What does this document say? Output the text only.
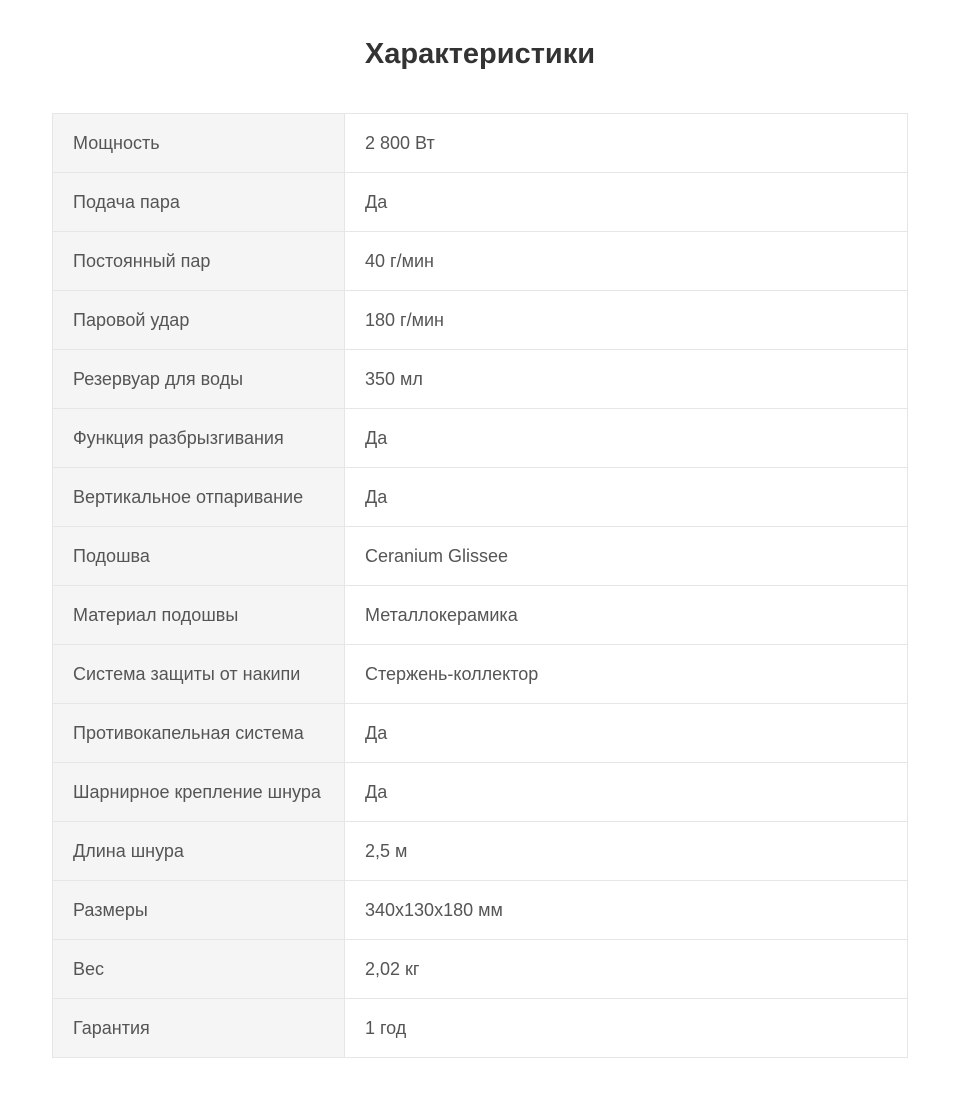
Характеристики
Мощность	2 800 Вт
Подача пара	Да
Постоянный пар	40 г/мин
Паровой удар	180 г/мин
Резервуар для воды	350 мл
Функция разбрызгивания	Да
Вертикальное отпаривание	Да
Подошва	Ceranium Glissee
Материал подошвы	Металлокерамика
Система защиты от накипи	Стержень-коллектор
Противокапельная система	Да
Шарнирное крепление шнура	Да
Длина шнура	2,5 м
Размеры	340x130x180 мм
Вес	2,02 кг
Гарантия	1 год
